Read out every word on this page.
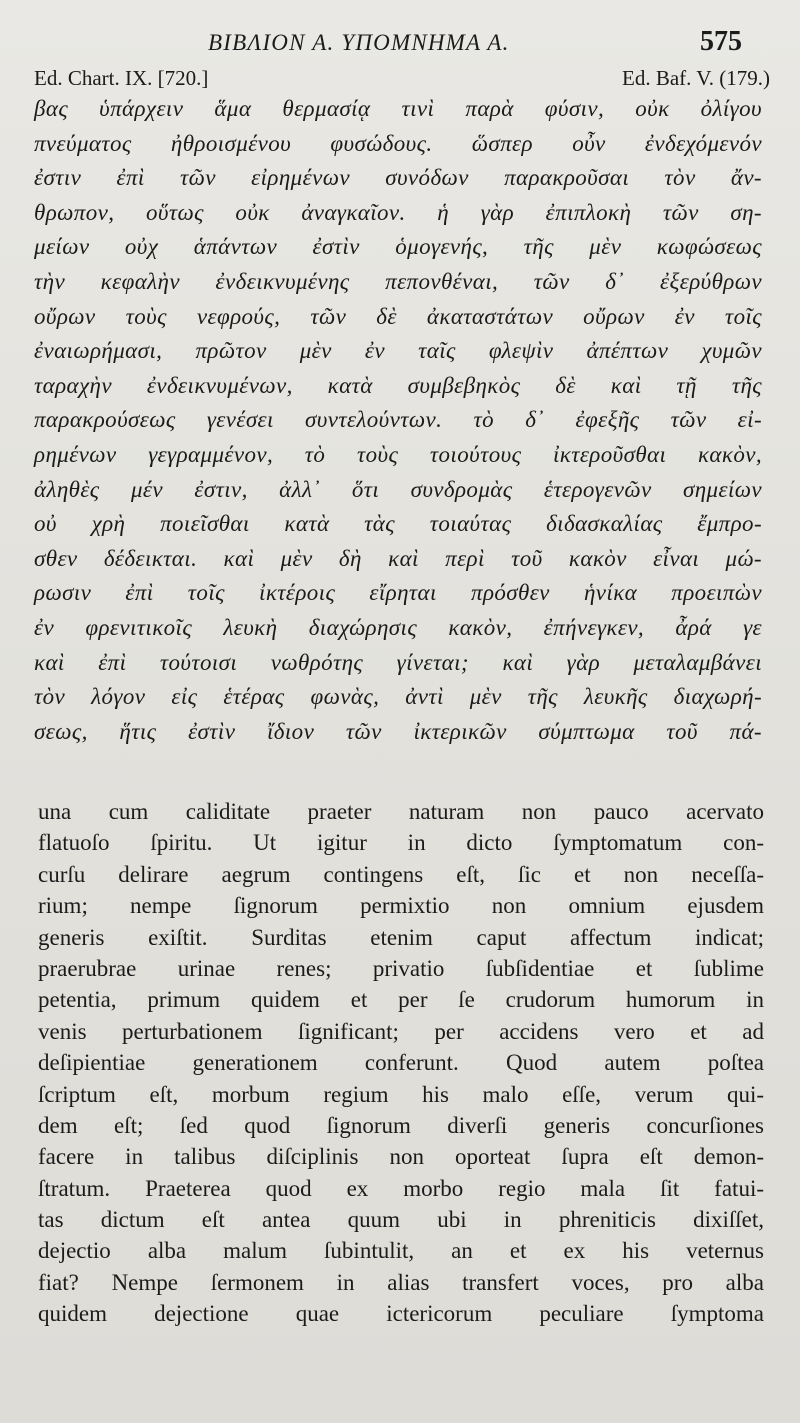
ΒΙΒΛΙΟΝ Α. ΥΠΟΜΝΗΜΑ Α.	575
Ed. Chart. IX. [720.]	Ed. Baf. V. (179.)
βας ὑπάρχειν ἅμα θερμασίᾳ τινὶ παρὰ φύσιν, οὐκ ὀλίγου
πνεύματος ἠθροισμένου φυσώδους. ὥσπερ οὖν ἐνδεχόμενόν
ἐστιν ἐπὶ τῶν εἰρημένων συνόδων παρακροῦσαι τὸν ἄν-
θρωπον, οὕτως οὐκ ἀναγκαῖον. ἡ γὰρ ἐπιπλοκὴ τῶν ση-
μείων οὐχ ἁπάντων ἐστὶν ὁμογενής, τῆς μὲν κωφώσεως
τὴν κεφαλὴν ἐνδεικνυμένης πεπονθέναι, τῶν δ᾿ ἐξερύθρων
οὔρων τοὺς νεφρούς, τῶν δὲ ἀκαταστάτων οὔρων ἐν τοῖς
ἐναιωρήμασι, πρῶτον μὲν ἐν ταῖς φλεψὶν ἀπέπτων χυμῶν
ταραχὴν ἐνδεικνυμένων, κατὰ συμβεβηκὸς δὲ καὶ τῇ τῆς
παρακρούσεως γενέσει συντελούντων. τὸ δ᾿ ἐφεξῆς τῶν εἰ-
ρημένων γεγραμμένον, τὸ τοὺς τοιούτους ἰκτεροῦσθαι κακὸν,
ἀληθὲς μέν ἐστιν, ἀλλ᾿ ὅτι συνδρομὰς ἑτερογενῶν σημείων
οὐ χρὴ ποιεῖσθαι κατὰ τὰς τοιαύτας διδασκαλίας ἔμπρο-
σθεν δέδεικται. καὶ μὲν δὴ καὶ περὶ τοῦ κακὸν εἶναι μώ-
ρωσιν ἐπὶ τοῖς ἰκτέροις εἴρηται πρόσθεν ἡνίκα προειπὼν
ἐν φρενιτικοῖς λευκὴ διαχώρησις κακὸν, ἐπήνεγκεν, ἆρά γε
καὶ ἐπὶ τούτοισι νωθρότης γίνεται; καὶ γὰρ μεταλαμβάνει
τὸν λόγον εἰς ἑτέρας φωνὰς, ἀντὶ μὲν τῆς λευκῆς διαχωρή-
σεως, ἥτις ἐστὶν ἴδιον τῶν ἰκτερικῶν σύμπτωμα τοῦ πά-
una cum caliditate praeter naturam non pauco acervato
flatuoſo ſpiritu. Ut igitur in dicto ſymptomatum con-
curſu delirare aegrum contingens eſt, ſic et non neceſſa-
rium; nempe ſignorum permixtio non omnium ejusdem
generis exiſtit. Surditas etenim caput affectum indicat;
praerubrae urinae renes; privatio ſubſidentiae et ſublime
petentia, primum quidem et per ſe crudorum humorum in
venis perturbationem ſignificant; per accidens vero et ad
deſipientiae generationem conferunt. Quod autem poſtea
ſcriptum eſt, morbum regium his malo eſſe, verum qui-
dem eſt; ſed quod ſignorum diverſi generis concurſiones
facere in talibus diſciplinis non oporteat ſupra eſt demon-
ſtratum. Praeterea quod ex morbo regio mala ſit fatui-
tas dictum eſt antea quum ubi in phreniticis dixiſſet,
dejectio alba malum ſubintulit, an et ex his veternus
fiat? Nempe ſermonem in alias transfert voces, pro alba
quidem dejectione quae ictericorum peculiare ſymptoma
